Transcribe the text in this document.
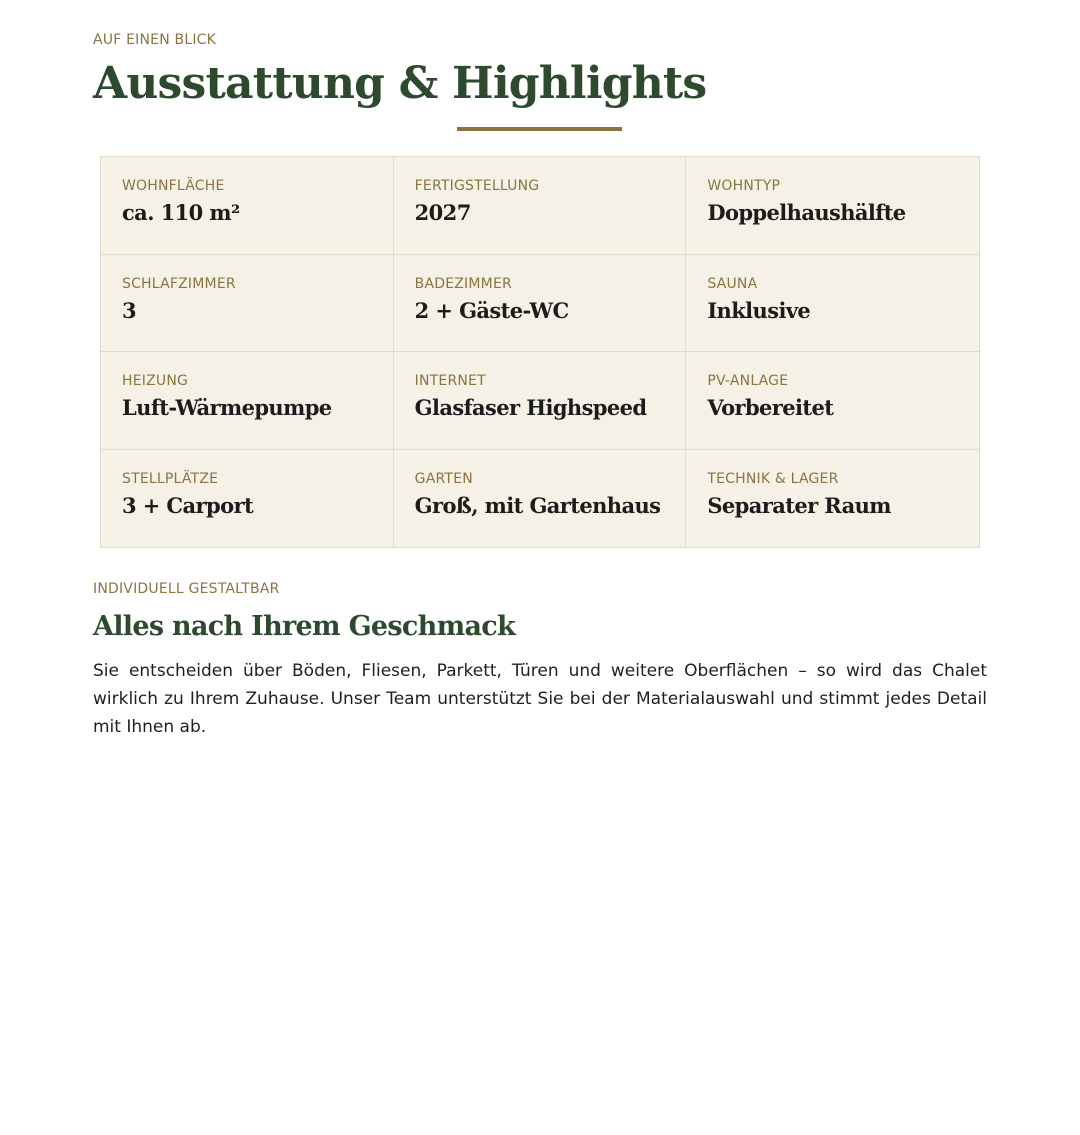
AUF EINEN BLICK
Ausstattung & Highlights
WOHNFLÄCHE
ca. 110 m²
FERTIGSTELLUNG
2027
WOHNTYP
Doppelhaushälfte
SCHLAFZIMMER
3
BADEZIMMER
2 + Gäste-WC
SAUNA
Inklusive
HEIZUNG
Luft-Wärmepumpe
INTERNET
Glasfaser Highspeed
PV-ANLAGE
Vorbereitet
STELLPLÄTZE
3 + Carport
GARTEN
Groß, mit Gartenhaus
TECHNIK & LAGER
Separater Raum
INDIVIDUELL GESTALTBAR
Alles nach Ihrem Geschmack

Sie entscheiden über Böden, Fliesen, Parkett, Türen und weitere Oberflächen – so wird das Chalet wirklich zu Ihrem Zuhause. Unser Team unterstützt Sie bei der Materialauswahl und stimmt jedes Detail mit Ihnen ab.
